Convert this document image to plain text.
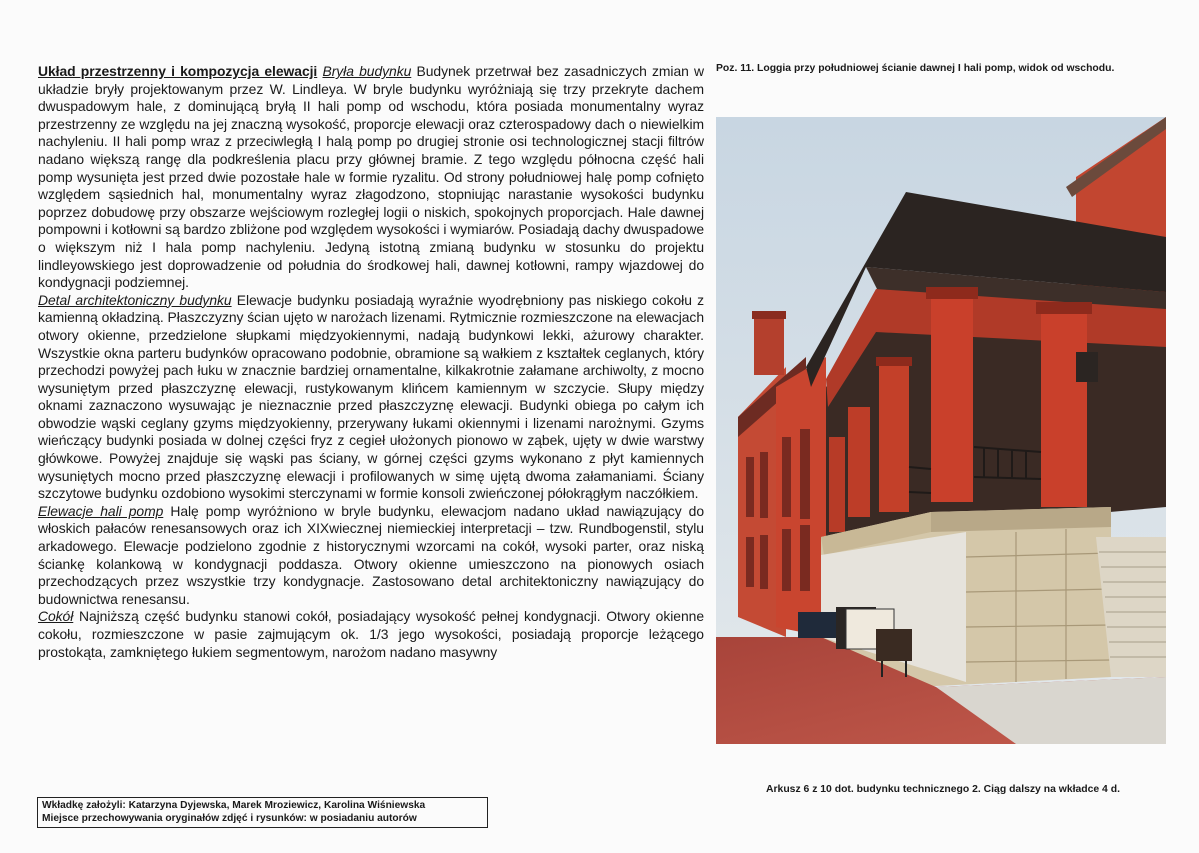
Układ przestrzenny i kompozycja elewacji Bryła budynku Budynek przetrwał bez zasadniczych zmian w układzie bryły projektowanym przez W. Lindleya. W bryle budynku wyróżniają się trzy przekryte dachem dwuspadowym hale, z dominującą bryłą II hali pomp od wschodu, która posiada monumentalny wyraz przestrzenny ze względu na jej znaczną wysokość, proporcje elewacji oraz czterospadowy dach o niewielkim nachyleniu. II hali pomp wraz z przeciwległą I halą pomp po drugiej stronie osi technologicznej stacji filtrów nadano większą rangę dla podkreślenia placu przy głównej bramie. Z tego względu północna część hali pomp wysunięta jest przed dwie pozostałe hale w formie ryzalitu. Od strony południowej halę pomp cofnięto względem sąsiednich hal, monumentalny wyraz złagodzono, stopniując narastanie wysokości budynku poprzez dobudowę przy obszarze wejściowym rozległej logii o niskich, spokojnych proporcjach. Hale dawnej pompowni i kotłowni są bardzo zbliżone pod względem wysokości i wymiarów. Posiadają dachy dwuspadowe o większym niż I hala pomp nachyleniu. Jedyną istotną zmianą budynku w stosunku do projektu lindleyowskiego jest doprowadzenie od południa do środkowej hali, dawnej kotłowni, rampy wjazdowej do kondygnacji podziemnej.

Detal architektoniczny budynku Elewacje budynku posiadają wyraźnie wyodrębniony pas niskiego cokołu z kamienną okładziną. Płaszczyzny ścian ujęto w narożach lizenami. Rytmicznie rozmieszczone na elewacjach otwory okienne, przedzielone słupkami międzyokiennymi, nadają budynkowi lekki, ażurowy charakter. Wszystkie okna parteru budynków opracowano podobnie, obramione są wałkiem z kształtek ceglanych, który przechodzi powyżej pach łuku w znacznie bardziej ornamentalne, kilkakrotnie załamane archiwolty, z mocno wysuniętym przed płaszczyznę elewacji, rustykowanym klińcem kamiennym w szczycie. Słupy między oknami zaznaczono wysuwając je nieznacznie przed płaszczyznę elewacji. Budynki obiega po całym ich obwodzie wąski ceglany gzyms międzyokienny, przerywany łukami okiennymi i lizenami narożnymi. Gzyms wieńczący budynki posiada w dolnej części fryz z cegieł ułożonych pionowo w ząbek, ujęty w dwie warstwy główkowe. Powyżej znajduje się wąski pas ściany, w górnej części gzyms wykonano z płyt kamiennych wysuniętych mocno przed płaszczyznę elewacji i profilowanych w simę ujętą dwoma załamaniami. Ściany szczytowe budynku ozdobiono wysokimi sterczynami w formie konsoli zwieńczonej półokrągłym naczółkiem.

Elewacje hali pomp Halę pomp wyróżniono w bryle budynku, elewacjom nadano układ nawiązujący do włoskich pałaców renesansowych oraz ich XIXwiecznej niemieckiej interpretacji – tzw. Rundbogenstil, stylu arkadowego. Elewacje podzielono zgodnie z historycznymi wzorcami na cokół, wysoki parter, oraz niską ściankę kolankową w kondygnacji poddasza. Otwory okienne umieszczono na pionowych osiach przechodzących przez wszystkie trzy kondygnacje. Zastosowano detal architektoniczny nawiązujący do budownictwa renesansu.

Cokół Najniższą część budynku stanowi cokół, posiadający wysokość pełnej kondygnacji. Otwory okienne cokołu, rozmieszczone w pasie zajmującym ok. 1/3 jego wysokości, posiadają proporcje leżącego prostokąta, zamkniętego łukiem segmentowym, narożom nadano masywny

Poz. 11. Loggia przy południowej ścianie dawnej I hali pomp, widok od wschodu.
Arkusz 6 z 10 dot. budynku technicznego 2. Ciąg dalszy na wkładce 4 d.
Wkładkę założyli: Katarzyna Dyjewska, Marek Mroziewicz, Karolina Wiśniewska
Miejsce przechowywania oryginałów zdjęć i rysunków: w posiadaniu autorów
